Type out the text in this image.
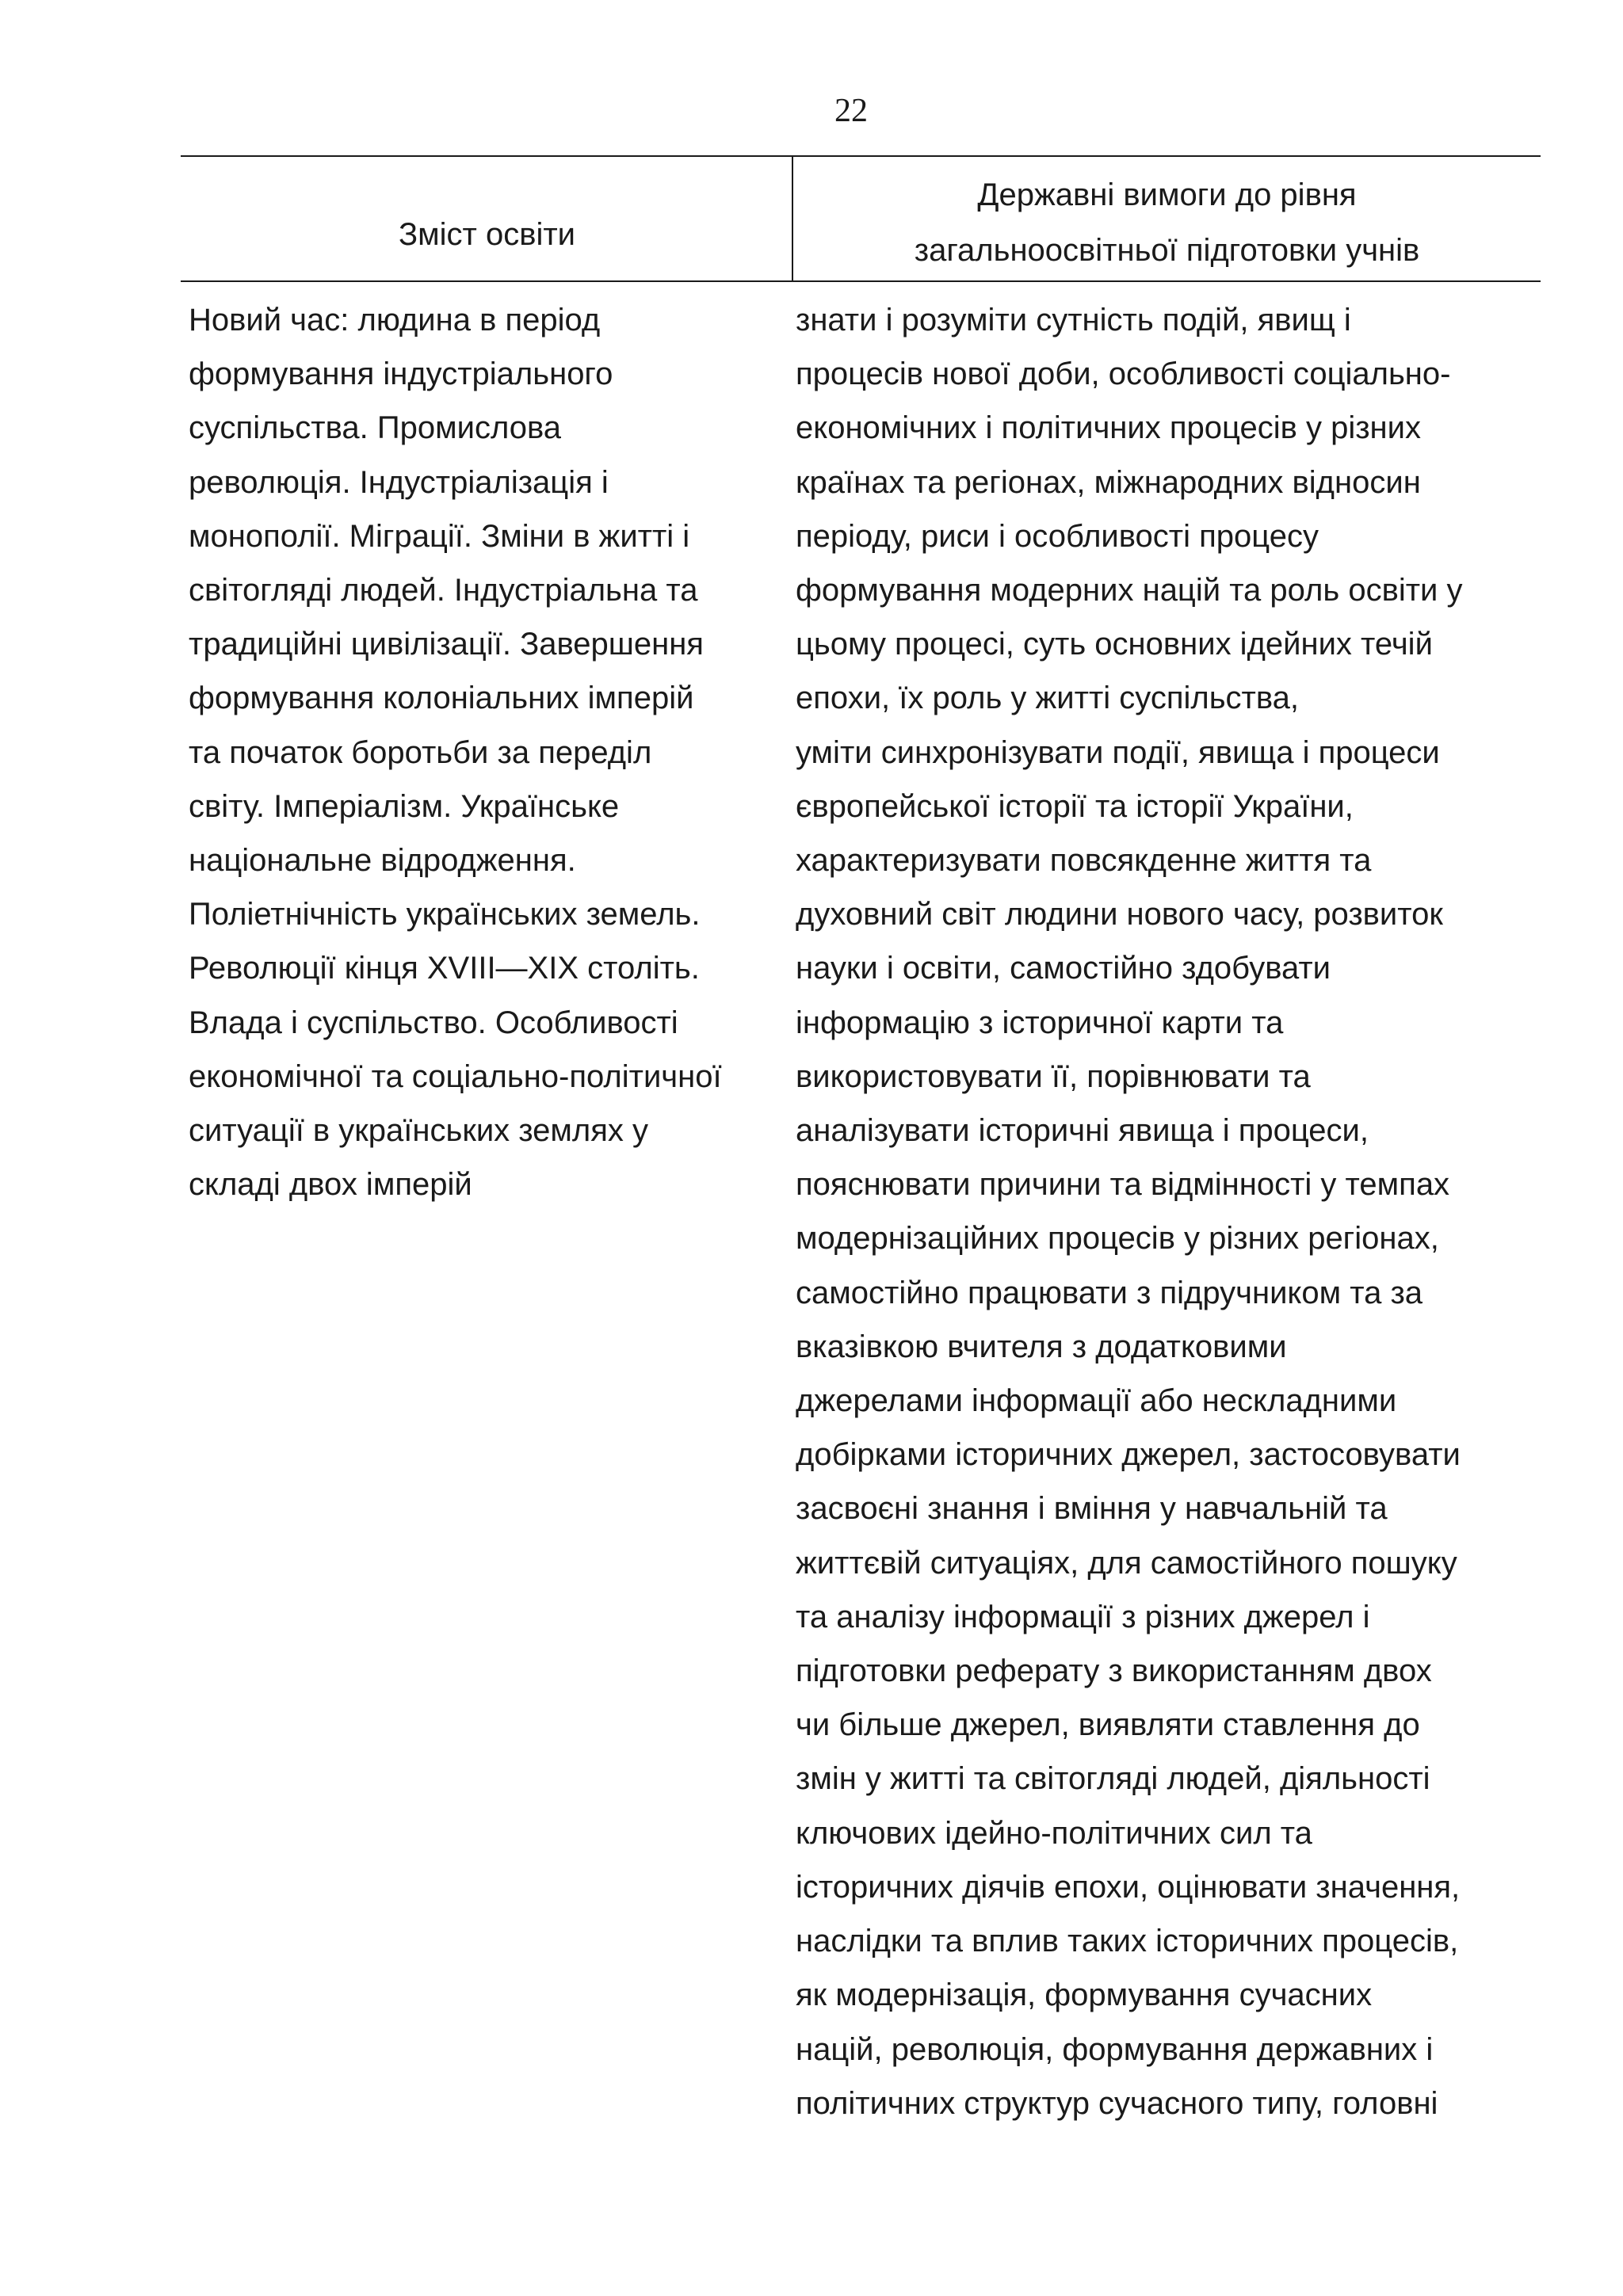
22
Зміст освіти
Державні вимоги до рівня
загальноосвітньої підготовки учнів
Новий час: людина в період
формування індустріального
суспільства. Промислова
революція. Індустріалізація і
монополії. Міграції. Зміни в житті і
світогляді людей. Індустріальна та
традиційні цивілізації. Завершення
формування колоніальних імперій
та початок боротьби за переділ
світу. Імперіалізм. Українське
національне відродження.
Поліетнічність українських земель.
Революції кінця XVIII—XIX століть.
Влада і суспільство. Особливості
економічної та соціально-політичної
ситуації в українських землях у
складі двох імперій
знати і розуміти сутність подій, явищ і
процесів нової доби, особливості соціально-
економічних і політичних процесів у різних
країнах та регіонах, міжнародних відносин
періоду, риси і особливості процесу
формування модерних націй та роль освіти у
цьому процесі, суть основних ідейних течій
епохи, їх роль у житті суспільства,
уміти синхронізувати події, явища і процеси
європейської історії та історії України,
характеризувати повсякденне життя та
духовний світ людини нового часу, розвиток
науки і освіти, самостійно здобувати
інформацію з історичної карти та
використовувати її, порівнювати та
аналізувати історичні явища і процеси,
пояснювати причини та відмінності у темпах
модернізаційних процесів у різних регіонах,
самостійно працювати з підручником та за
вказівкою вчителя з додатковими
джерелами інформації або нескладними
добірками історичних джерел, застосовувати
засвоєні знання і вміння у навчальній та
життєвій ситуаціях, для самостійного пошуку
та аналізу інформації з різних джерел і
підготовки реферату з використанням двох
чи більше джерел, виявляти ставлення до
змін у житті та світогляді людей, діяльності
ключових ідейно-політичних сил та
історичних діячів епохи, оцінювати значення,
наслідки та вплив таких історичних процесів,
як модернізація, формування сучасних
націй, революція, формування державних і
політичних структур сучасного типу, головні
